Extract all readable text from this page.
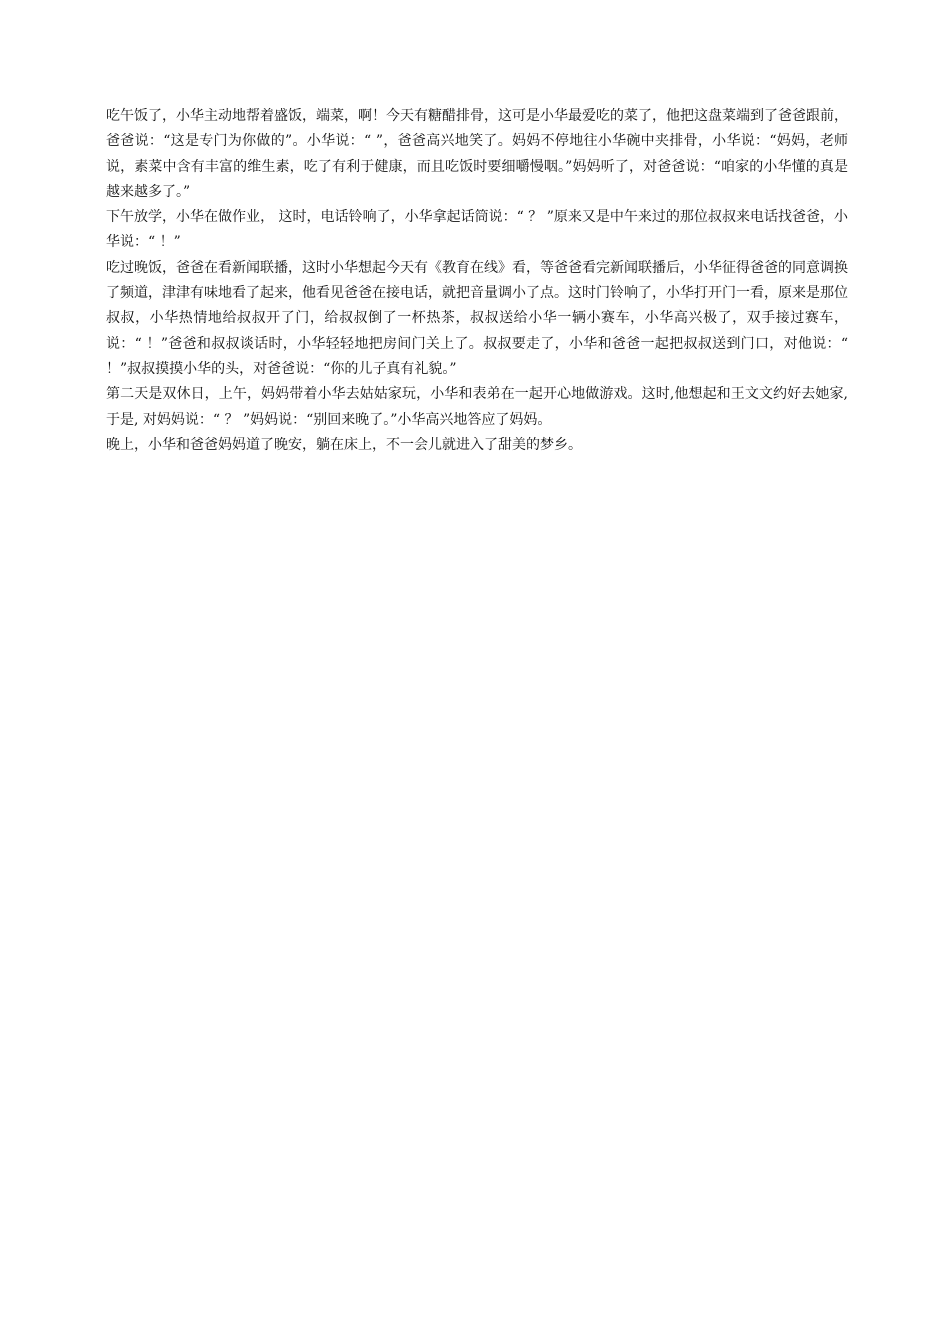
吃午饭了，小华主动地帮着盛饭，端菜，啊！今天有糖醋排骨，这可是小华最爱吃的菜了，他把这盘菜端到了爸爸跟前，爸爸说：“这是专门为你做的”。小华说：“ ”，爸爸高兴地笑了。妈妈不停地往小华碗中夹排骨，小华说：“妈妈，老师说，素菜中含有丰富的维生素，吃了有利于健康，而且吃饭时要细嚼慢咽。”妈妈听了，对爸爸说：“咱家的小华懂的真是越来越多了。”

下午放学，小华在做作业， 这时，电话铃响了，小华拿起话筒说：“ ？ ”原来又是中午来过的那位叔叔来电话找爸爸，小华说：“ ！”

吃过晚饭，爸爸在看新闻联播，这时小华想起今天有《教育在线》看，等爸爸看完新闻联播后，小华征得爸爸的同意调换了频道，津津有味地看了起来，他看见爸爸在接电话，就把音量调小了点。这时门铃响了，小华打开门一看，原来是那位叔叔，小华热情地给叔叔开了门，给叔叔倒了一杯热茶，叔叔送给小华一辆小赛车，小华高兴极了，双手接过赛车，说：“ ！”爸爸和叔叔谈话时，小华轻轻地把房间门关上了。叔叔要走了，小华和爸爸一起把叔叔送到门口，对他说：“ ！”叔叔摸摸小华的头，对爸爸说：“你的儿子真有礼貌。”

第二天是双休日，上午，妈妈带着小华去姑姑家玩，小华和表弟在一起开心地做游戏。这时,他想起和王文文约好去她家,于是, 对妈妈说：“ ？ ”妈妈说：“别回来晚了。”小华高兴地答应了妈妈。

晚上，小华和爸爸妈妈道了晚安，躺在床上，不一会儿就进入了甜美的梦乡。
